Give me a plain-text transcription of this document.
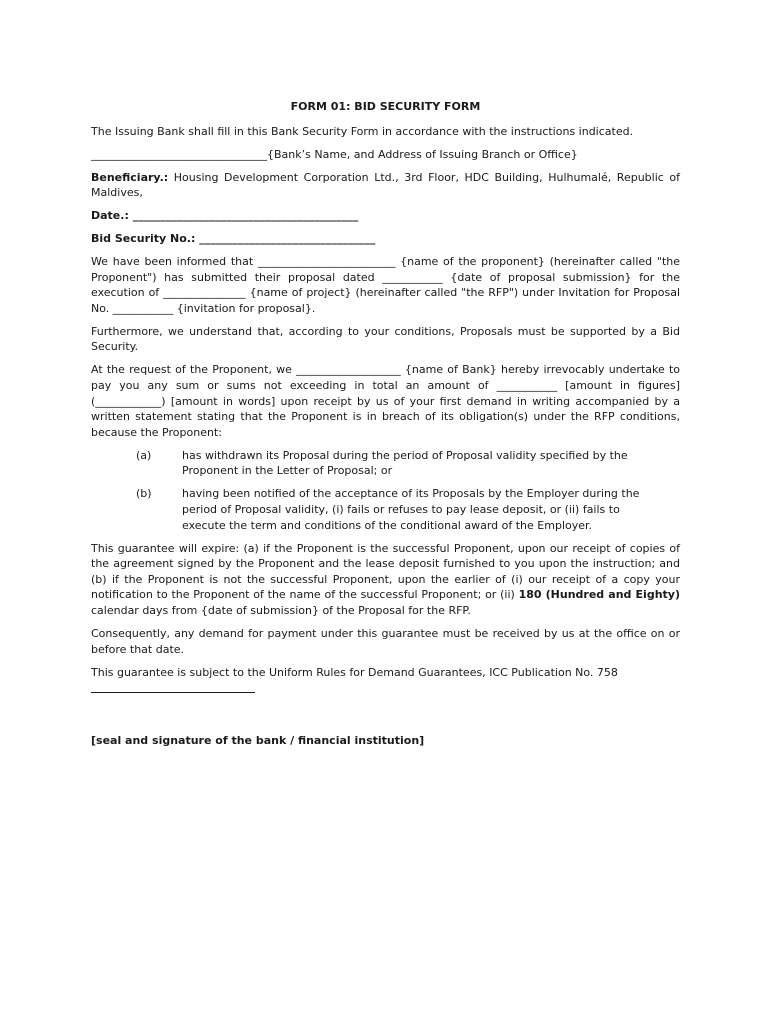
FORM 01: BID SECURITY FORM

The Issuing Bank shall fill in this Bank Security Form in accordance with the instructions indicated.

________________________________{Bank’s Name, and Address of Issuing Branch or Office}

Beneficiary.: Housing Development Corporation Ltd., 3rd Floor, HDC Building, Hulhumalé, Republic of Maldives,

Date.: _________________________________________

Bid Security No.: ________________________________

We have been informed that _________________________ {name of the proponent} (hereinafter called "the Proponent") has submitted their proposal dated ___________ {date of proposal submission} for the execution of _______________ {name of project} (hereinafter called "the RFP") under Invitation for Proposal No. ___________ {invitation for proposal}.

Furthermore, we understand that, according to your conditions, Proposals must be supported by a Bid Security.

At the request of the Proponent, we ___________________ {name of Bank} hereby irrevocably undertake to pay you any sum or sums not exceeding in total an amount of ___________ [amount in figures] (____________) [amount in words] upon receipt by us of your first demand in writing accompanied by a written statement stating that the Proponent is in breach of its obligation(s) under the RFP conditions, because the Proponent:

(a)	has withdrawn its Proposal during the period of Proposal validity specified by the Proponent in the Letter of Proposal; or
(b)	having been notified of the acceptance of its Proposals by the Employer during the period of Proposal validity, (i) fails or refuses to pay lease deposit, or (ii) fails to execute the term and conditions of the conditional award of the Employer.

This guarantee will expire: (a) if the Proponent is the successful Proponent, upon our receipt of copies of the agreement signed by the Proponent and the lease deposit furnished to you upon the instruction; and (b) if the Proponent is not the successful Proponent, upon the earlier of (i) our receipt of a copy your notification to the Proponent of the name of the successful Proponent; or (ii) 180 (Hundred and Eighty) calendar days from {date of submission} of the Proposal for the RFP.

Consequently, any demand for payment under this guarantee must be received by us at the office on or before that date.

This guarantee is subject to the Uniform Rules for Demand Guarantees, ICC Publication No. 758

[seal and signature of the bank / financial institution]
